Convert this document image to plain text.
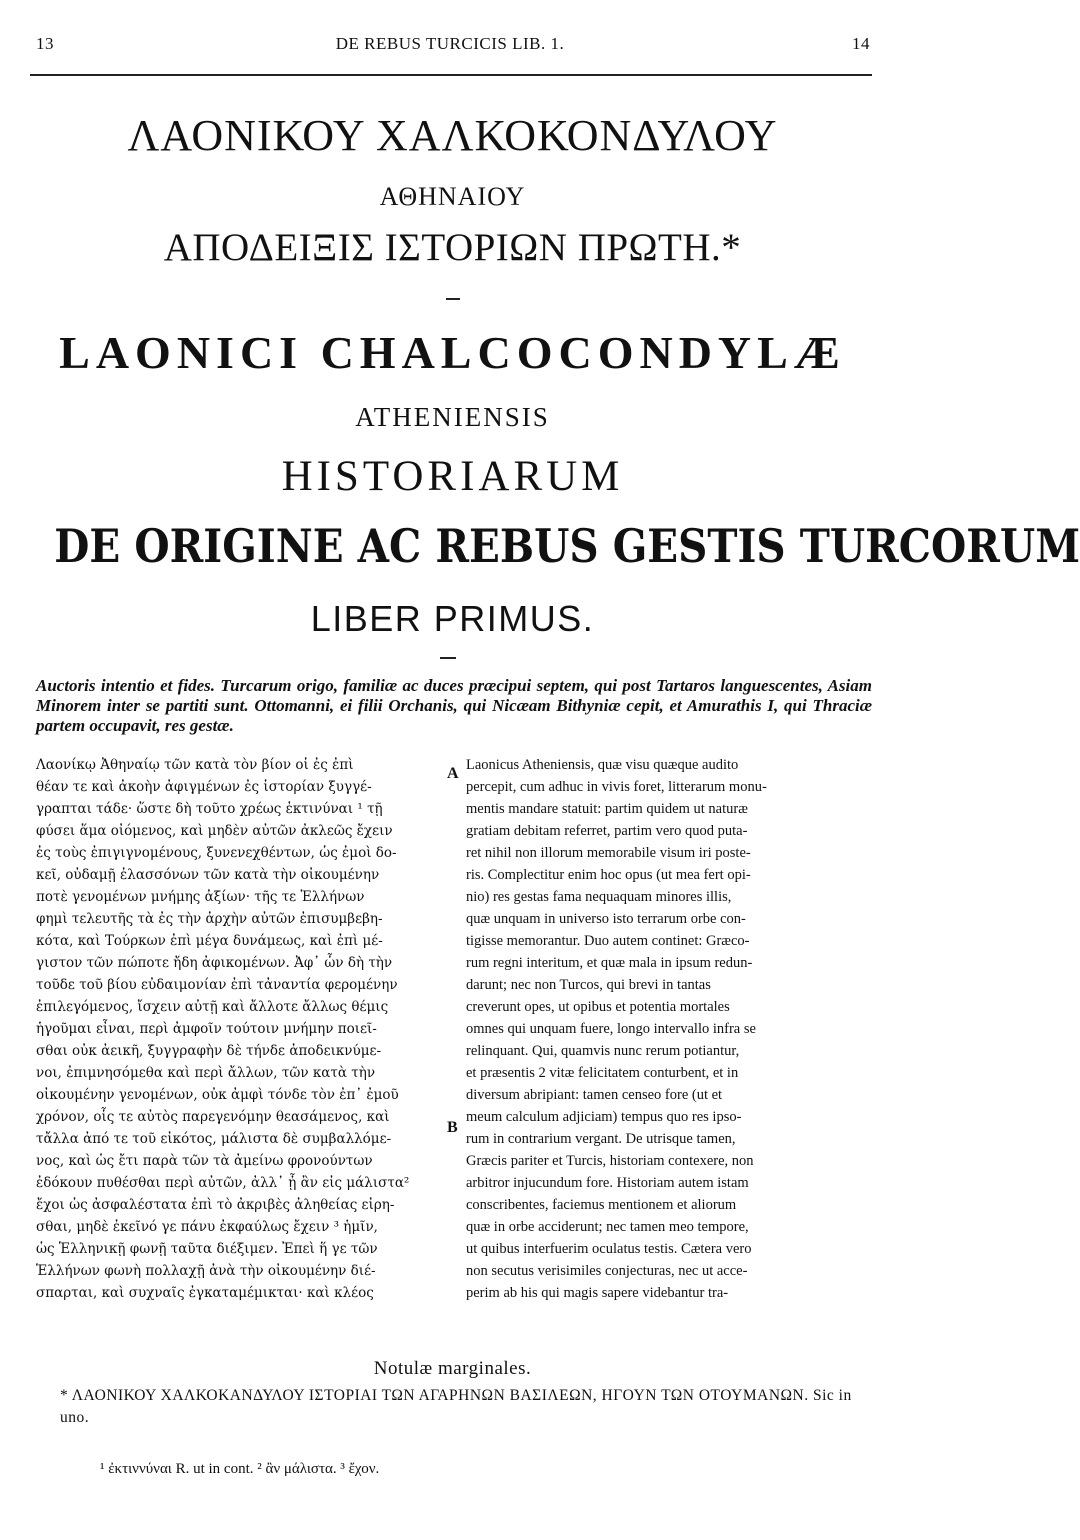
13	DE REBUS TURCICIS LIB. 1.	14
ΛΑΟΝΙΚΟΥ ΧΑΛΚΟΚΟΝΔΥΛΟΥ
ΑΘΗΝΑΙΟΥ
ΑΠΟΔΕΙΞΙΣ ΙΣΤΟΡΙΩΝ ΠΡΩΤΗ.*
LAONICI CHALCOCONDYLÆ
ATHENIENSIS
HISTORIARUM
DE ORIGINE AC REBUS GESTIS TURCORUM
LIBER PRIMUS.
Auctoris intentio et fides. Turcarum origo, familiæ ac duces præcipui septem, qui post Tartaros languescentes, Asiam Minorem inter se partiti sunt. Ottomanni, ei filii Orchanis, qui Nicæam Bithyniæ cepit, et Amurathis I, qui Thraciæ partem occupavit, res gestæ.
Λαονίκῳ Ἀθηναίῳ τῶν κατὰ τὸν βίον οἱ ἐς ἐπὶ
θέαν τε καὶ ἀκοὴν ἀφιγμένων ἐς ἱστορίαν ξυγγέ-
γραπται τάδε· ὥστε δὴ τοῦτο χρέως ἐκτινύναι ¹ τῇ
φύσει ἅμα οἰόμενος, καὶ μηδὲν αὐτῶν ἀκλεῶς ἔχειν
ἐς τοὺς ἐπιγιγνομένους, ξυνενεχθέντων, ὡς ἐμοὶ δο-
κεῖ, οὐδαμῇ ἐλασσόνων τῶν κατὰ τὴν οἰκουμένην
ποτὲ γενομένων μνήμης ἀξίων· τῆς τε Ἑλλήνων
φημὶ τελευτῆς τὰ ἐς τὴν ἀρχὴν αὐτῶν ἐπισυμβεβη-
κότα, καὶ Τούρκων ἐπὶ μέγα δυνάμεως, καὶ ἐπὶ μέ-
γιστον τῶν πώποτε ἤδη ἀφικομένων. Ἀφ᾽ ὧν δὴ τὴν
τοῦδε τοῦ βίου εὐδαιμονίαν ἐπὶ τἀναντία φερομένην
ἐπιλεγόμενος, ἴσχειν αὐτῇ καὶ ἄλλοτε ἄλλως θέμις
ἡγοῦμαι εἶναι, περὶ ἀμφοῖν τούτοιν μνήμην ποιεῖ-
σθαι οὐκ ἀεικῆ, ξυγγραφὴν δὲ τήνδε ἀποδεικνύμε-
νοι, ἐπιμνησόμεθα καὶ περὶ ἄλλων, τῶν κατὰ τὴν
οἰκουμένην γενομένων, οὐκ ἀμφὶ τόνδε τὸν ἐπ᾽ ἐμοῦ
χρόνον, οἷς τε αὐτὸς παρεγενόμην θεασάμενος, καὶ
τἄλλα ἀπό τε τοῦ εἰκότος, μάλιστα δὲ συμβαλλόμε-
νος, καὶ ὡς ἔτι παρὰ τῶν τὰ ἀμείνω φρονούντων
ἐδόκουν πυθέσθαι περὶ αὐτῶν, ἀλλ᾽ ᾗ ἂν εἰς μάλιστα²
ἔχοι ὡς ἀσφαλέστατα ἐπὶ τὸ ἀκριβὲς ἀληθείας εἰρη-
σθαι, μηδὲ ἐκεῖνό γε πάνυ ἐκφαύλως ἔχειν ³ ἡμῖν,
ὡς Ἑλληνικῇ φωνῇ ταῦτα διέξιμεν. Ἐπεὶ ἥ γε τῶν
Ἑλλήνων φωνὴ πολλαχῇ ἀνὰ τὴν οἰκουμένην διέ-
σπαρται, καὶ συχναῖς ἐγκαταμέμικται· καὶ κλέος
A
B
Laonicus Atheniensis, quæ visu quæque audito
percepit, cum adhuc in vivis foret, litterarum monu-
mentis mandare statuit: partim quidem ut naturæ
gratiam debitam referret, partim vero quod puta-
ret nihil non illorum memorabile visum iri poste-
ris. Complectitur enim hoc opus (ut mea fert opi-
nio) res gestas fama nequaquam minores illis,
quæ unquam in universo isto terrarum orbe con-
tigisse memorantur. Duo autem continet: Græco-
rum regni interitum, et quæ mala in ipsum redun-
darunt; nec non Turcos, qui brevi in tantas
creverunt opes, ut opibus et potentia mortales
omnes qui unquam fuere, longo intervallo infra se
relinquant. Qui, quamvis nunc rerum potiantur,
et præsentis 2 vitæ felicitatem conturbent, et in
diversum abripiant: tamen censeo fore (ut et
meum calculum adjiciam) tempus quo res ipso-
rum in contrarium vergant. De utrisque tamen,
Græcis pariter et Turcis, historiam contexere, non
arbitror injucundum fore. Historiam autem istam
conscribentes, faciemus mentionem et aliorum
quæ in orbe acciderunt; nec tamen meo tempore,
ut quibus interfuerim oculatus testis. Cætera vero
non secutus verisimiles conjecturas, nec ut acce-
perim ab his qui magis sapere videbantur tra-
Notulæ marginales.
* ΛΑΟΝΙΚΟΥ ΧΑΛΚΟΚΑΝΔΥΛΟΥ ΙΣΤΟΡΙΑΙ ΤΩΝ ΑΓΑΡΗΝΩΝ ΒΑΣΙΛΕΩΝ, ΗΓΟΥΝ ΤΩΝ ΟΤΟΥΜΑΝΩΝ. Sic in uno.
¹ ἐκτιννύναι R. ut in cont. ² ἂν μάλιστα. ³ ἔχον.
